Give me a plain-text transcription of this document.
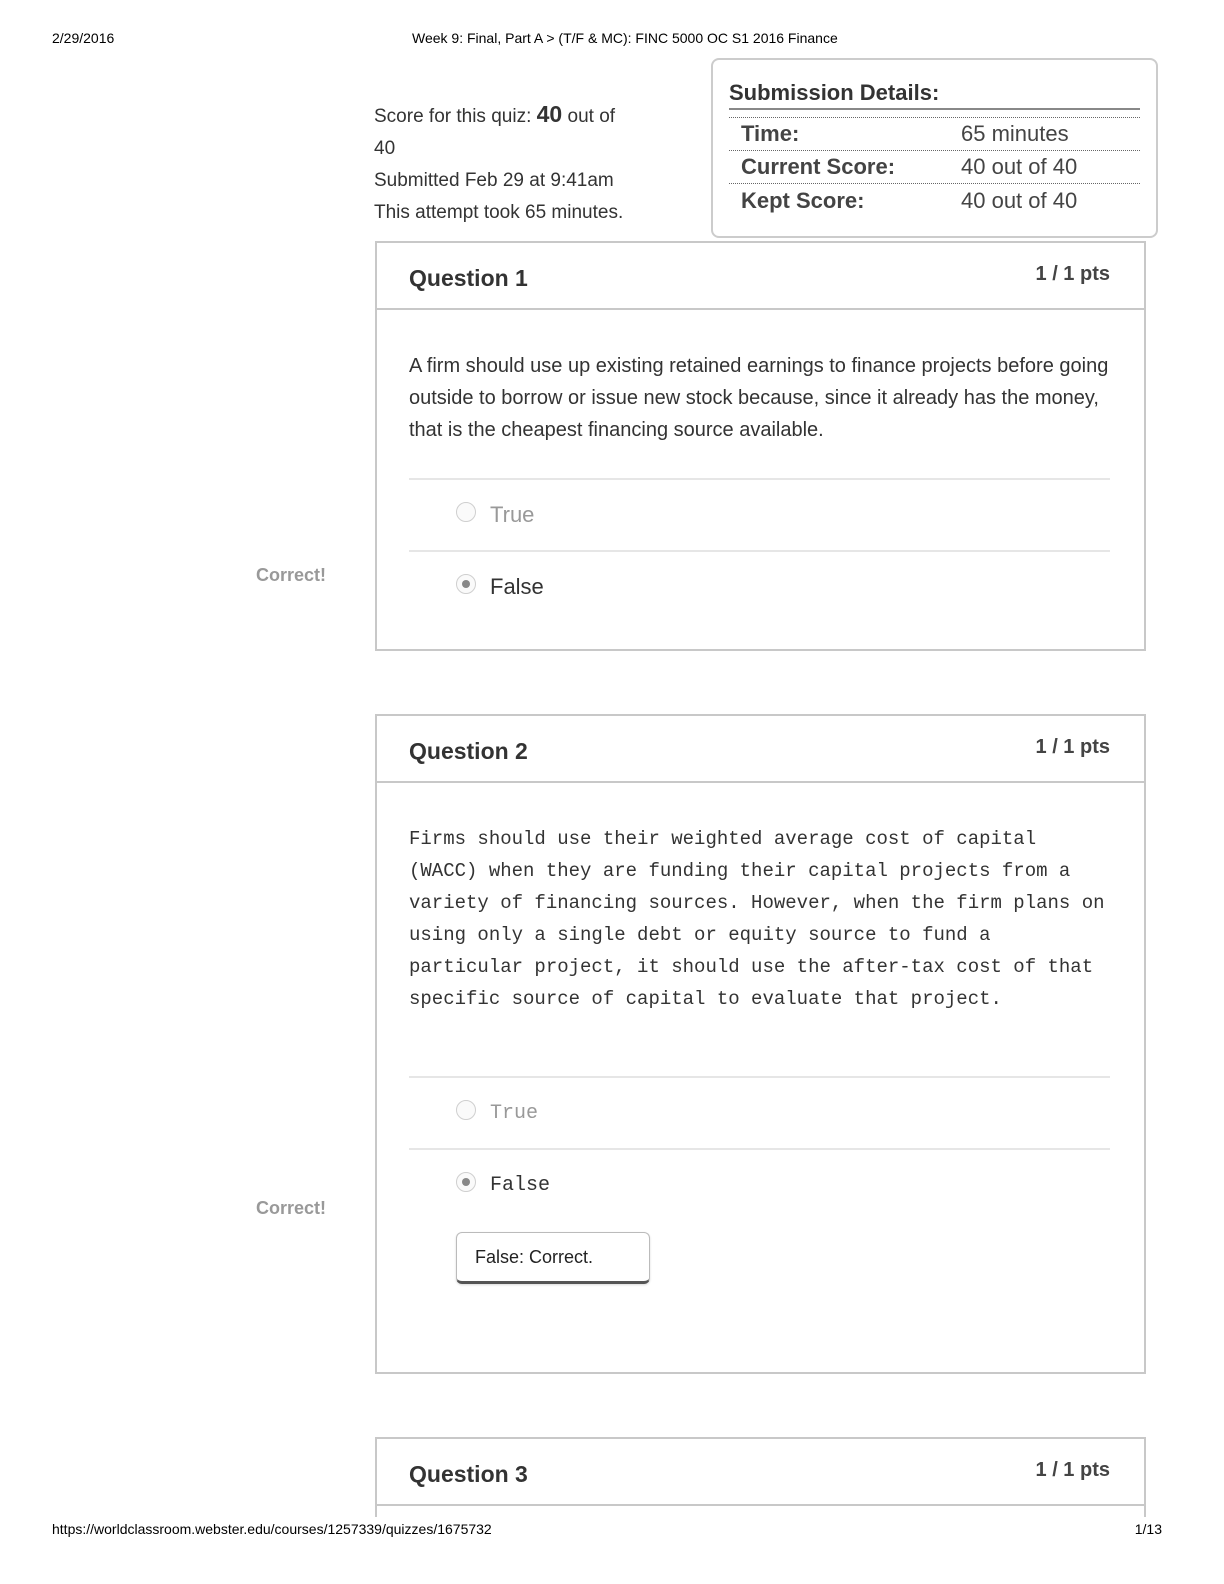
2/29/2016	Week 9: Final, Part A > (T/F & MC): FINC 5000 OC S1 2016 Finance
https://worldclassroom.webster.edu/courses/1257339/quizzes/1675732	1/13
Score for this quiz: 40 out of
40
Submitted Feb 29 at 9:41am
This attempt took 65 minutes.
Submission Details:
Time:	65 minutes
Current Score:	40 out of 40
Kept Score:	40 out of 40
Question 1	1 / 1 pts
A firm should use up existing retained earnings to finance projects before going outside to borrow or issue new stock because, since it already has the money, that is the cheapest financing source available.
True
False
Correct!
Question 2	1 / 1 pts
Firms should use their weighted average cost of capital (WACC) when they are funding their capital projects from a variety of financing sources. However, when the firm plans on using only a single debt or equity source to fund a particular project, it should use the after-tax cost of that specific source of capital to evaluate that project.
True
False
False: Correct.
Correct!
Question 3	1 / 1 pts
